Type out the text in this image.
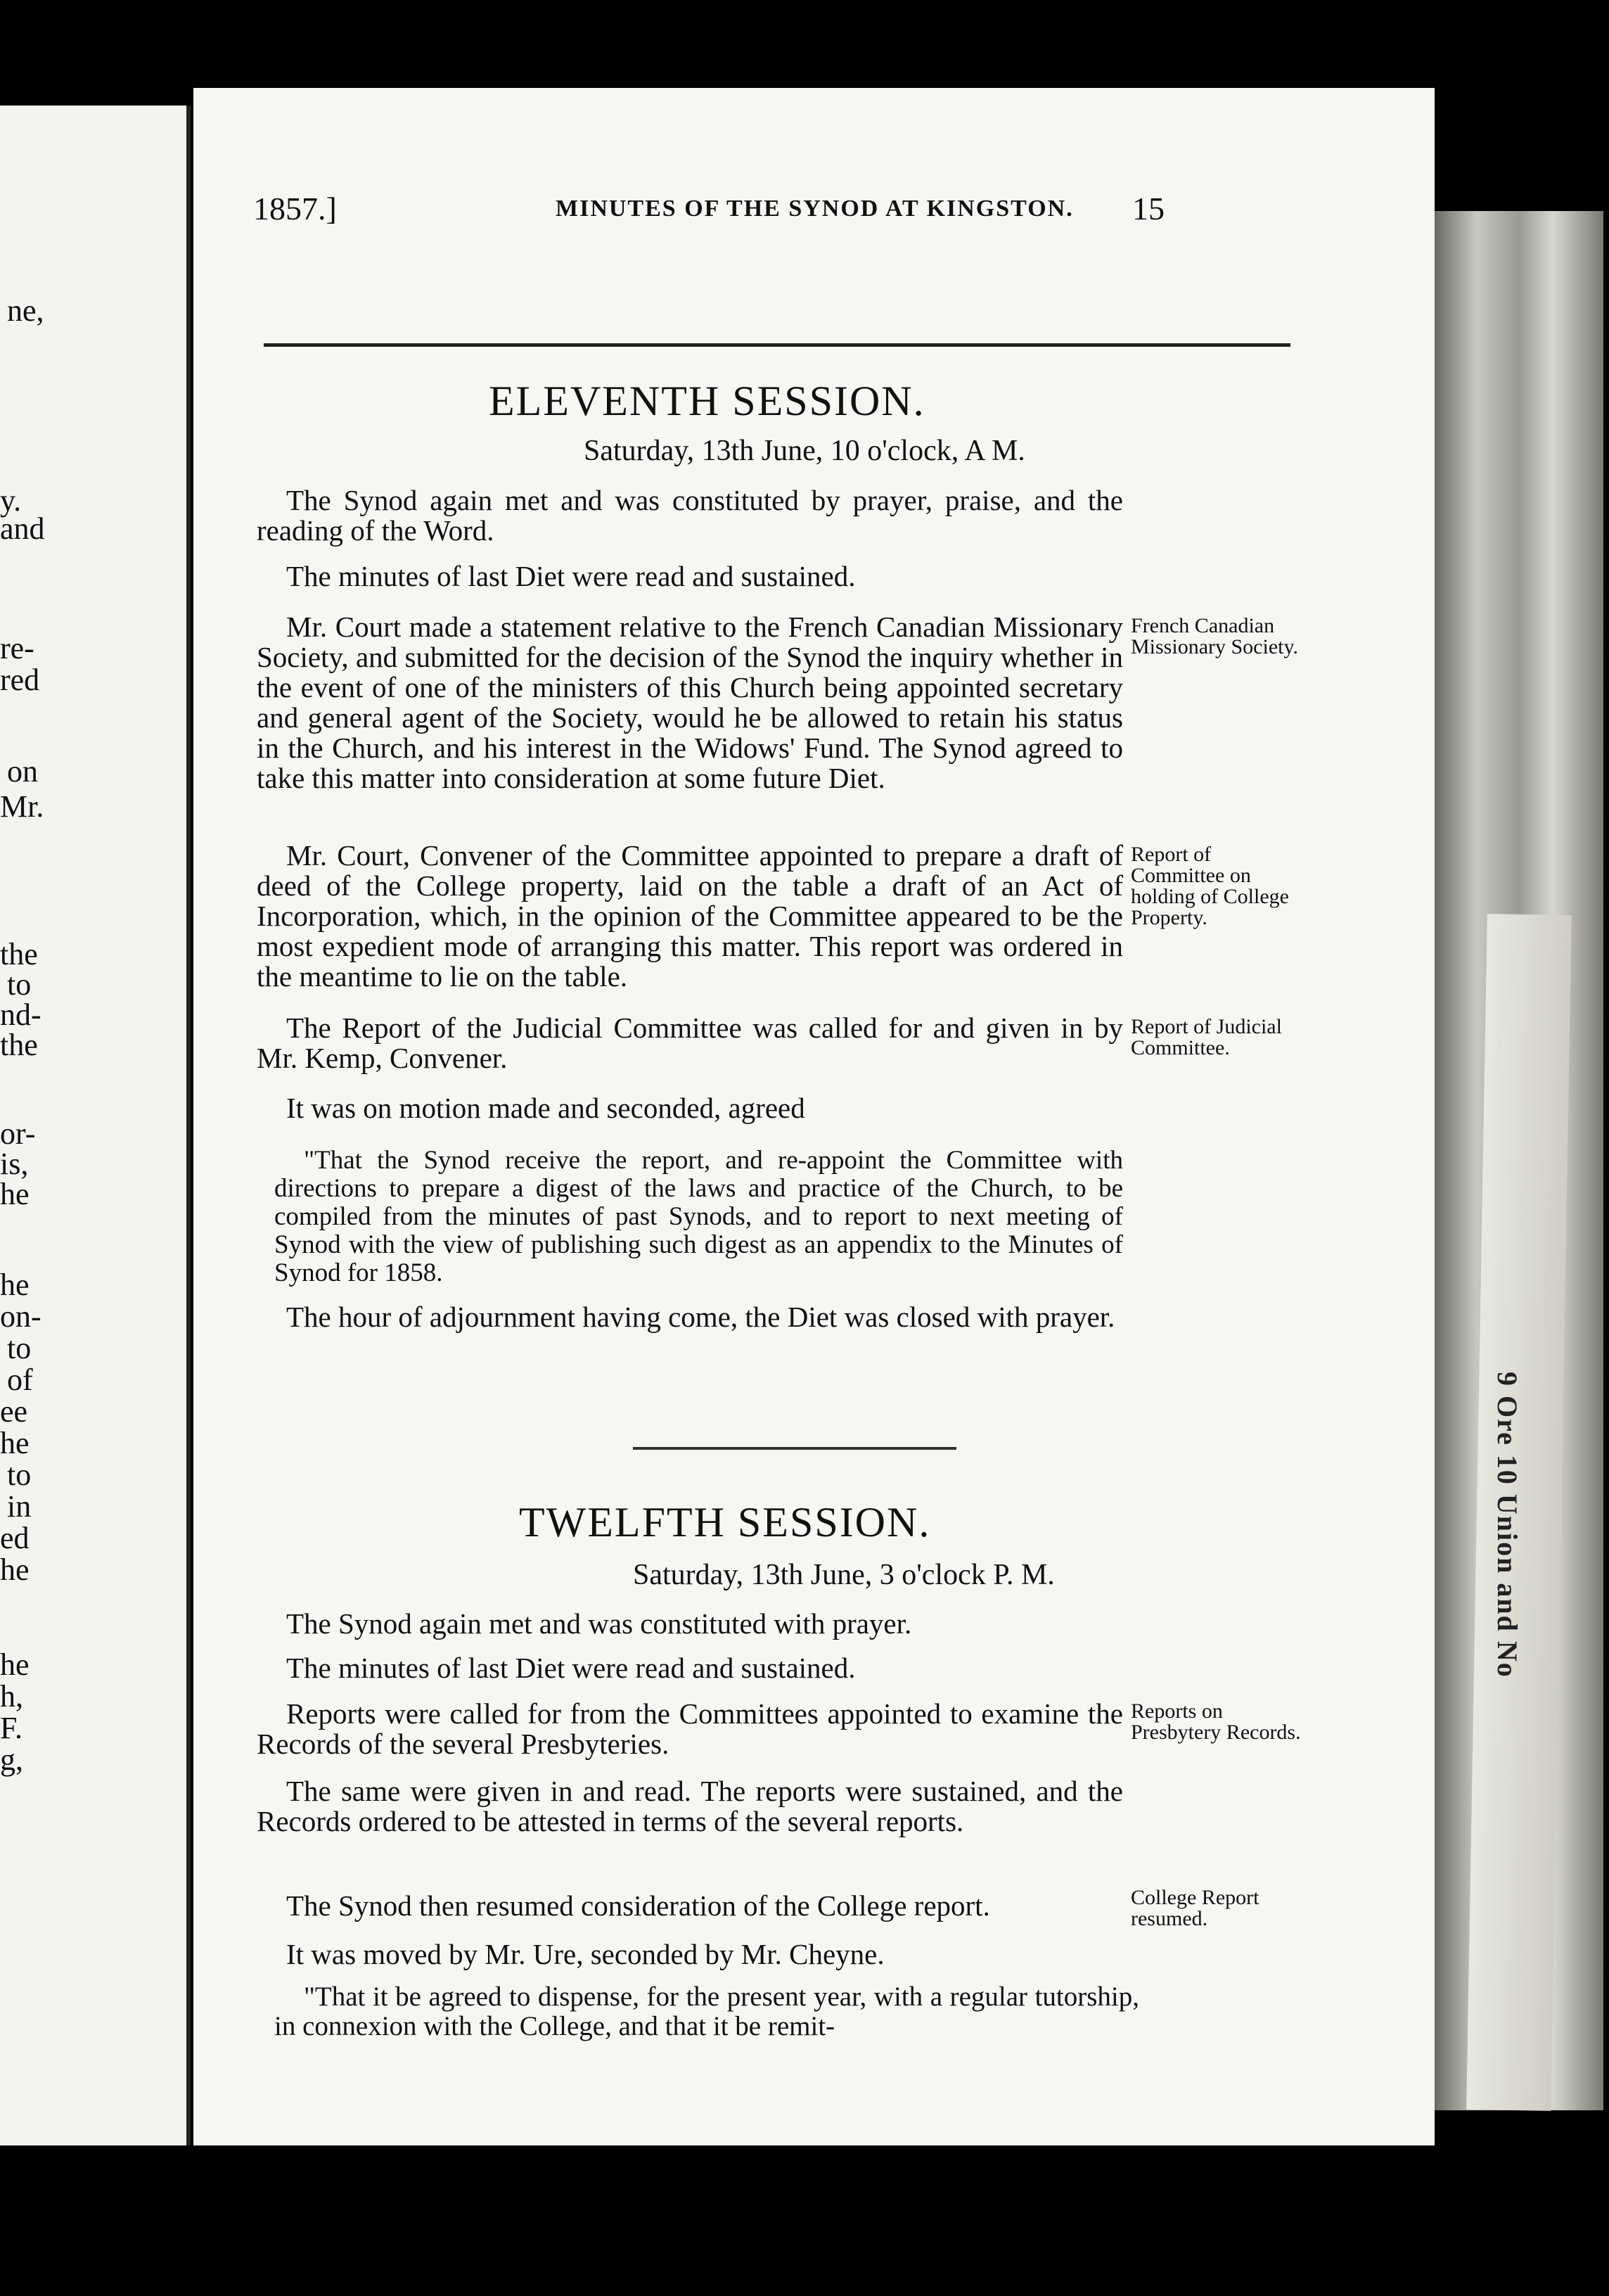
ne,
y.
and
re-
red
on
Mr.
the
to
nd-
the
or-
is,
he
he
on-
to
of
ee
he
to
in
ed
he
he
h,
F.
g,
9 Ore 10 Union and No
1857.]	MINUTES OF THE SYNOD AT KINGSTON. 15
ELEVENTH SESSION.
Saturday, 13th June, 10 o'clock, A M.
The Synod again met and was constituted by prayer, praise, and the reading of the Word.
The minutes of last Diet were read and sustained.
Mr. Court made a statement relative to the French Canadian Missionary Society, and submitted for the decision of the Synod the inquiry whether in the event of one of the ministers of this Church being appointed secretary and general agent of the Society, would he be allowed to retain his status in the Church, and his interest in the Widows' Fund. The Synod agreed to take this matter into consideration at some future Diet.
Mr. Court, Convener of the Committee appointed to prepare a draft of deed of the College property, laid on the table a draft of an Act of Incorporation, which, in the opinion of the Committee appeared to be the most expedient mode of arranging this matter. This report was ordered in the meantime to lie on the table.
The Report of the Judicial Committee was called for and given in by Mr. Kemp, Convener.
It was on motion made and seconded, agreed
"That the Synod receive the report, and re-appoint the Committee with directions to prepare a digest of the laws and practice of the Church, to be compiled from the minutes of past Synods, and to report to next meeting of Synod with the view of publishing such digest as an appendix to the Minutes of Synod for 1858.
The hour of adjournment having come, the Diet was closed with prayer.
French Canadian Missionary Society.
Report of Committee on holding of College Property.
Report of Judicial Committee.
TWELFTH SESSION.
Saturday, 13th June, 3 o'clock P. M.
The Synod again met and was constituted with prayer.
The minutes of last Diet were read and sustained.
Reports were called for from the Committees appointed to examine the Records of the several Presbyteries.
The same were given in and read. The reports were sustained, and the Records ordered to be attested in terms of the several reports.
The Synod then resumed consideration of the College report.
It was moved by Mr. Ure, seconded by Mr. Cheyne.
"That it be agreed to dispense, for the present year, with a regular tutorship, in connexion with the College, and that it be remit-
Reports on Presbytery Records.
College Report resumed.
